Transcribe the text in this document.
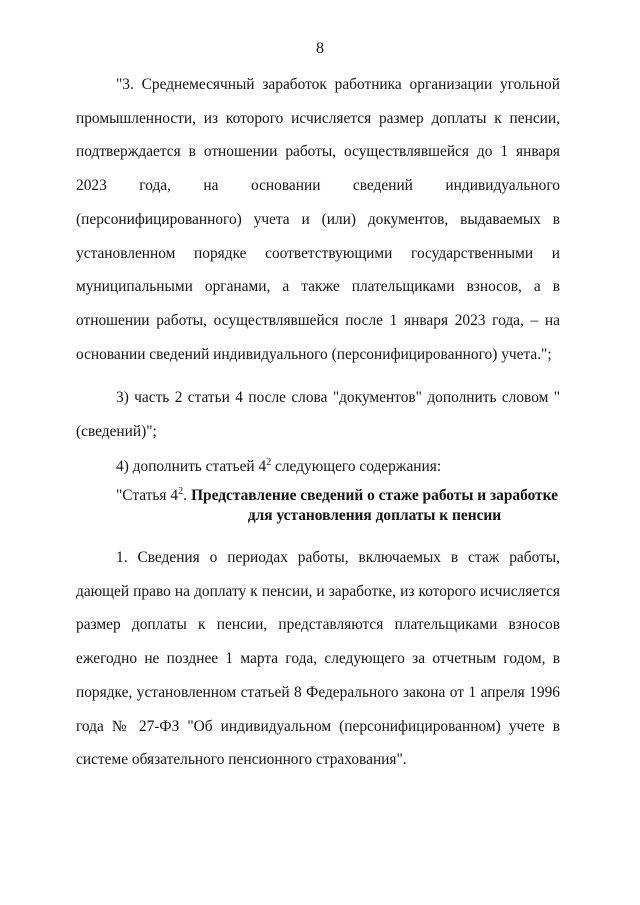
8

"3. Среднемесячный заработок работника организации угольной промышленности, из которого исчисляется размер доплаты к пенсии, подтверждается в отношении работы, осуществлявшейся до 1 января 2023 года, на основании сведений индивидуального (персонифицированного) учета и (или) документов, выдаваемых в установленном порядке соответствующими государственными и муниципальными органами, а также плательщиками взносов, а в отношении работы, осуществлявшейся после 1 января 2023 года, – на основании сведений индивидуального (персонифицированного) учета.";

3) часть 2 статьи 4 после слова "документов" дополнить словом "(сведений)";

4) дополнить статьей $4^2$ следующего содержания:

"Статья $4^2$. Представление сведений о стаже работы и заработке для установления доплаты к пенсии

1. Сведения о периодах работы, включаемых в стаж работы, дающей право на доплату к пенсии, и заработке, из которого исчисляется размер доплаты к пенсии, представляются плательщиками взносов ежегодно не позднее 1 марта года, следующего за отчетным годом, в порядке, установленном статьей 8 Федерального закона от 1 апреля 1996 года № 27-ФЗ "Об индивидуальном (персонифицированном) учете в системе обязательного пенсионного страхования".
